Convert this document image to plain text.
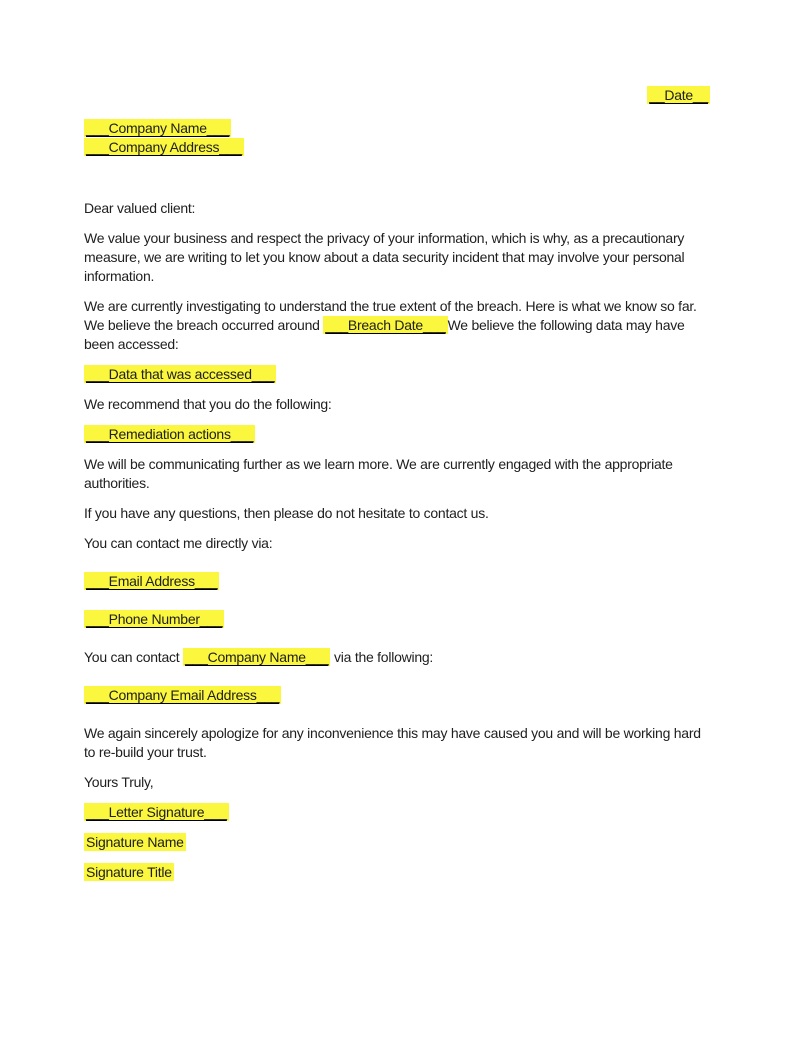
__Date__

___Company Name___
___Company Address___

Dear valued client:

We value your business and respect the privacy of your information, which is why, as a precautionary
measure, we are writing to let you know about a data security incident that may involve your personal
information.

We are currently investigating to understand the true extent of the breach. Here is what we know so far.
We believe the breach occurred around ___Breach Date___ We believe the following data may have
been accessed:

___Data that was accessed___

We recommend that you do the following:

___Remediation actions___

We will be communicating further as we learn more. We are currently engaged with the appropriate
authorities.

If you have any questions, then please do not hesitate to contact us.

You can contact me directly via:

___Email Address___

___Phone Number___

You can contact ___Company Name___ via the following:

___Company Email Address___

We again sincerely apologize for any inconvenience this may have caused you and will be working hard
to re-build your trust.

Yours Truly,

___Letter Signature___

Signature Name

Signature Title
